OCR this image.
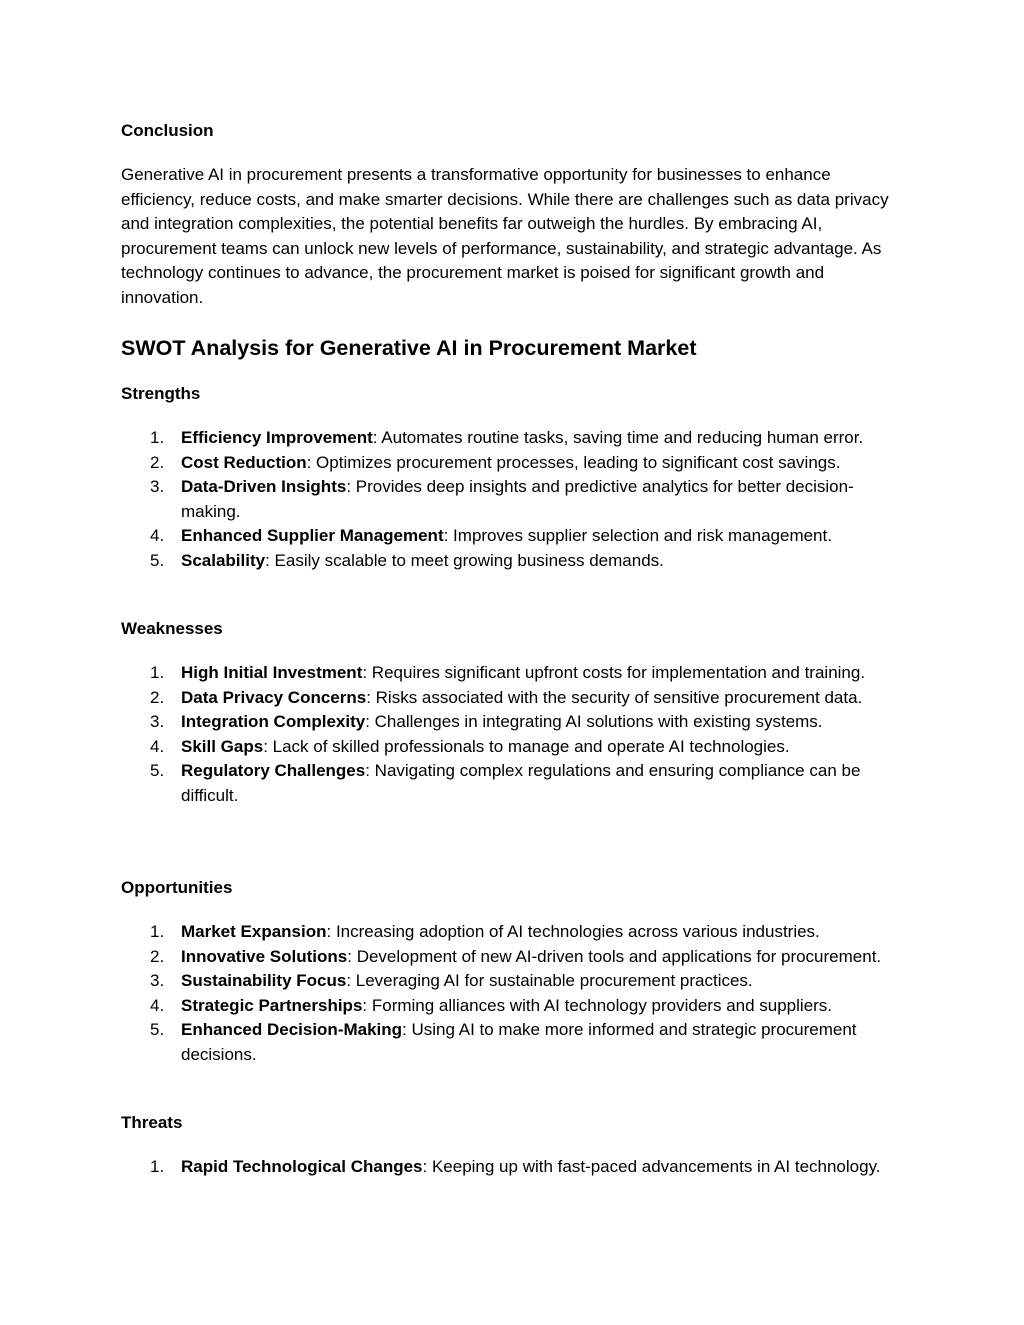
Conclusion

Generative AI in procurement presents a transformative opportunity for businesses to enhance efficiency, reduce costs, and make smarter decisions. While there are challenges such as data privacy and integration complexities, the potential benefits far outweigh the hurdles. By embracing AI, procurement teams can unlock new levels of performance, sustainability, and strategic advantage. As technology continues to advance, the procurement market is poised for significant growth and innovation.

SWOT Analysis for Generative AI in Procurement Market
Strengths
1. Efficiency Improvement: Automates routine tasks, saving time and reducing human error.
2. Cost Reduction: Optimizes procurement processes, leading to significant cost savings.
3. Data-Driven Insights: Provides deep insights and predictive analytics for better decision-making.
4. Enhanced Supplier Management: Improves supplier selection and risk management.
5. Scalability: Easily scalable to meet growing business demands.
Weaknesses
1. High Initial Investment: Requires significant upfront costs for implementation and training.
2. Data Privacy Concerns: Risks associated with the security of sensitive procurement data.
3. Integration Complexity: Challenges in integrating AI solutions with existing systems.
4. Skill Gaps: Lack of skilled professionals to manage and operate AI technologies.
5. Regulatory Challenges: Navigating complex regulations and ensuring compliance can be difficult.
Opportunities
1. Market Expansion: Increasing adoption of AI technologies across various industries.
2. Innovative Solutions: Development of new AI-driven tools and applications for procurement.
3. Sustainability Focus: Leveraging AI for sustainable procurement practices.
4. Strategic Partnerships: Forming alliances with AI technology providers and suppliers.
5. Enhanced Decision-Making: Using AI to make more informed and strategic procurement decisions.
Threats
1. Rapid Technological Changes: Keeping up with fast-paced advancements in AI technology.
